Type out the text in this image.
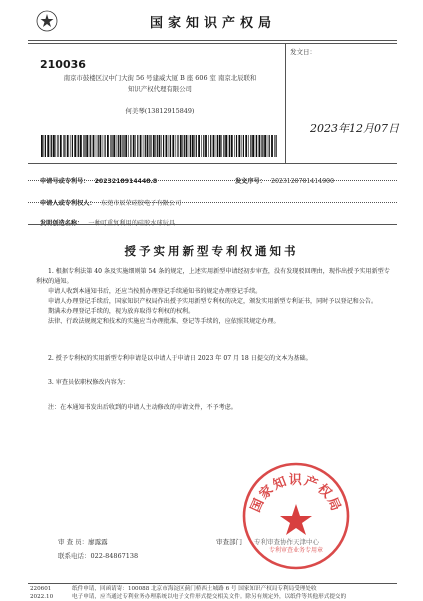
国家知识产权局
210036
南京市鼓楼区汉中门大街 56 号建威大厦 B 座 606 室 南京北辰联和
知识产权代理有限公司
何美琴(13812915849)
发文日：
2023年12月07日
申请号或专利号： 2023218914448.8	发文序号： 2023120701414900
申请人或专利权人： 东莞市辰荣硅胶电子有限公司
发明创造名称： 一种可重复利用的硅胶水球玩具
授予实用新型专利权通知书

1. 根据专利法第 40 条及实施细则第 54 条的规定，上述实用新型申请经初步审查，没有发现驳回理由，现作出授予实用新型专利权的通知。

申请人收到本通知书后，还应当按照办理登记手续通知书的规定办理登记手续。

申请人办理登记手续后，国家知识产权局作出授予实用新型专利权的决定，颁发实用新型专利证书，同时予以登记和公告。

期满未办理登记手续的，视为放弃取得专利权的权利。

法律、行政法规规定和技术的实施应当办理批准、登记等手续的，应依照其规定办理。

2. 授予专利权的实用新型专利申请是以申请人于申请日 2023 年 07 月 18 日提交的文本为基础。

3. 审查员依职权修改内容为：

注：在本通知书发出后收到的申请人主动修改的申请文件，不予考虑。

审 查 员：廖露露
联系电话：022-84867138
审查部门 专利审查协作天津中心
国家知识产权局
专利审查业务专用章
220601
2022.10
纸件申请，回函请寄：100088 北京市海淀区蓟门桥西土城路 6 号 国家知识产权局专利局受理处收
电子申请，应当通过专利业务办理系统以电子文件形式提交相关文件。除另有规定外，以纸件等其他形式提交的
